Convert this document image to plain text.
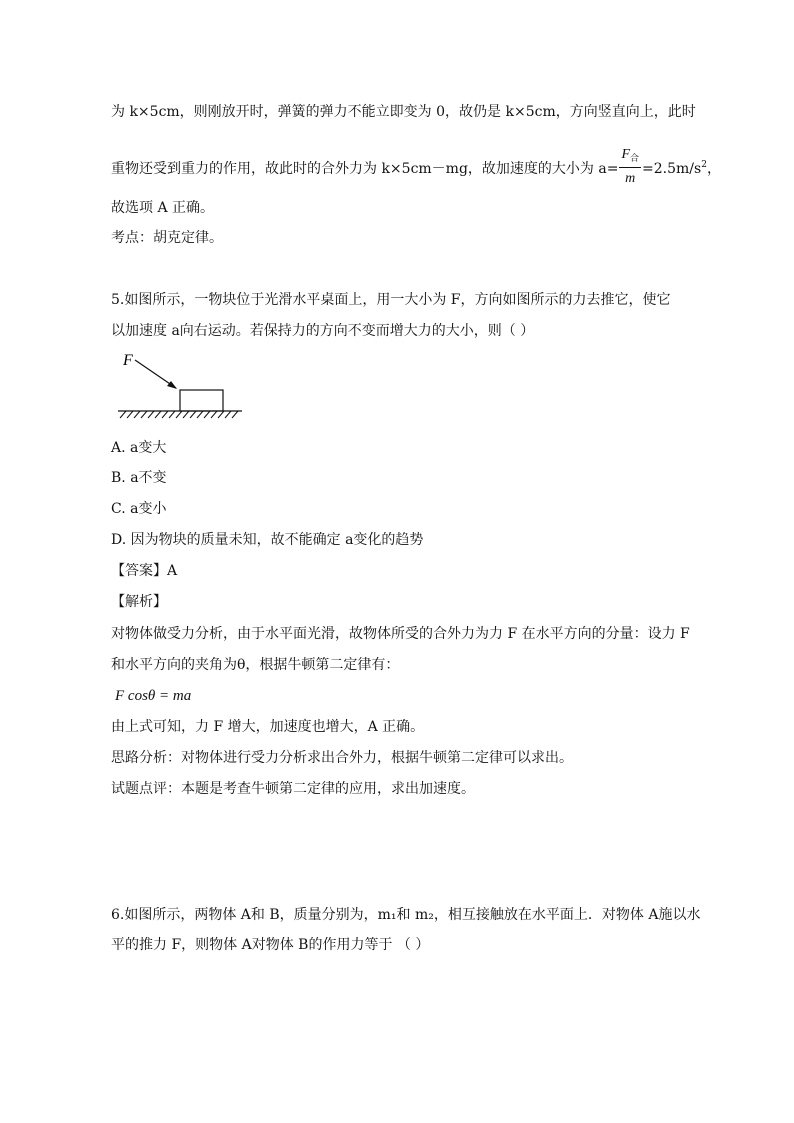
为 k×5cm，则刚放开时，弹簧的弹力不能立即变为 0，故仍是 k×5cm，方向竖直向上，此时
重物还受到重力的作用，故此时的合外力为 k×5cm－mg，故加速度的大小为 $a= \frac{F_合}{m} =2.5m/s^2$，
故选项 A 正确。
考点：胡克定律。
5.如图所示，一物块位于光滑水平桌面上，用一大小为 F，方向如图所示的力去推它，使它
以加速度 a向右运动。若保持力的方向不变而增大力的大小，则（ ）
F
A. a变大
B. a不变
C. a变小
D. 因为物块的质量未知，故不能确定 a变化的趋势
【答案】A
【解析】
对物体做受力分析，由于水平面光滑，故物体所受的合外力为力 F 在水平方向的分量：设力 F
和水平方向的夹角为θ，根据牛顿第二定律有：
F cosθ = ma
由上式可知，力 F 增大，加速度也增大，A 正确。
思路分析：对物体进行受力分析求出合外力，根据牛顿第二定律可以求出。
试题点评：本题是考查牛顿第二定律的应用，求出加速度。
6.如图所示，两物体 A和 B，质量分别为，m₁和 m₂，相互接触放在水平面上．对物体 A施以水
平的推力 F，则物体 A对物体 B的作用力等于 （ ）
